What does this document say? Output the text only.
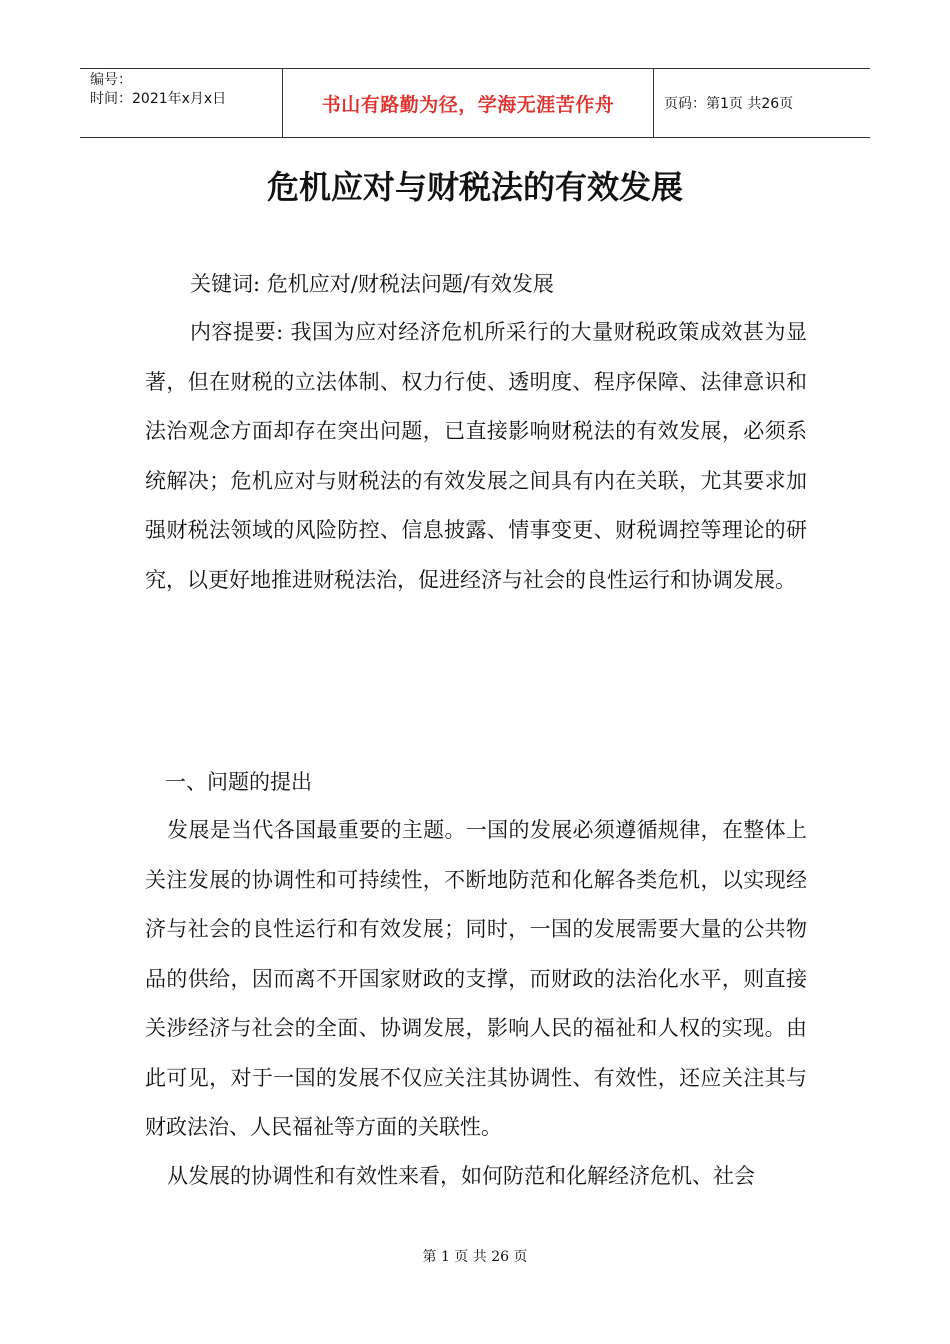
编号：
时间：2021年x月x日	书山有路勤为径，学海无涯苦作舟	页码：第1页 共26页
危机应对与财税法的有效发展
关键词: 危机应对/财税法问题/有效发展
内容提要: 我国为应对经济危机所采行的大量财税政策成效甚为显著，但在财税的立法体制、权力行使、透明度、程序保障、法律意识和法治观念方面却存在突出问题，已直接影响财税法的有效发展，必须系统解决；危机应对与财税法的有效发展之间具有内在关联，尤其要求加强财税法领域的风险防控、信息披露、情事变更、财税调控等理论的研究，以更好地推进财税法治，促进经济与社会的良性运行和协调发展。
一、问题的提出
发展是当代各国最重要的主题。一国的发展必须遵循规律，在整体上关注发展的协调性和可持续性，不断地防范和化解各类危机，以实现经济与社会的良性运行和有效发展；同时，一国的发展需要大量的公共物品的供给，因而离不开国家财政的支撑，而财政的法治化水平，则直接关涉经济与社会的全面、协调发展，影响人民的福祉和人权的实现。由此可见，对于一国的发展不仅应关注其协调性、有效性，还应关注其与财政法治、人民福祉等方面的关联性。
从发展的协调性和有效性来看，如何防范和化解经济危机、社会
第 1 页 共 26 页
